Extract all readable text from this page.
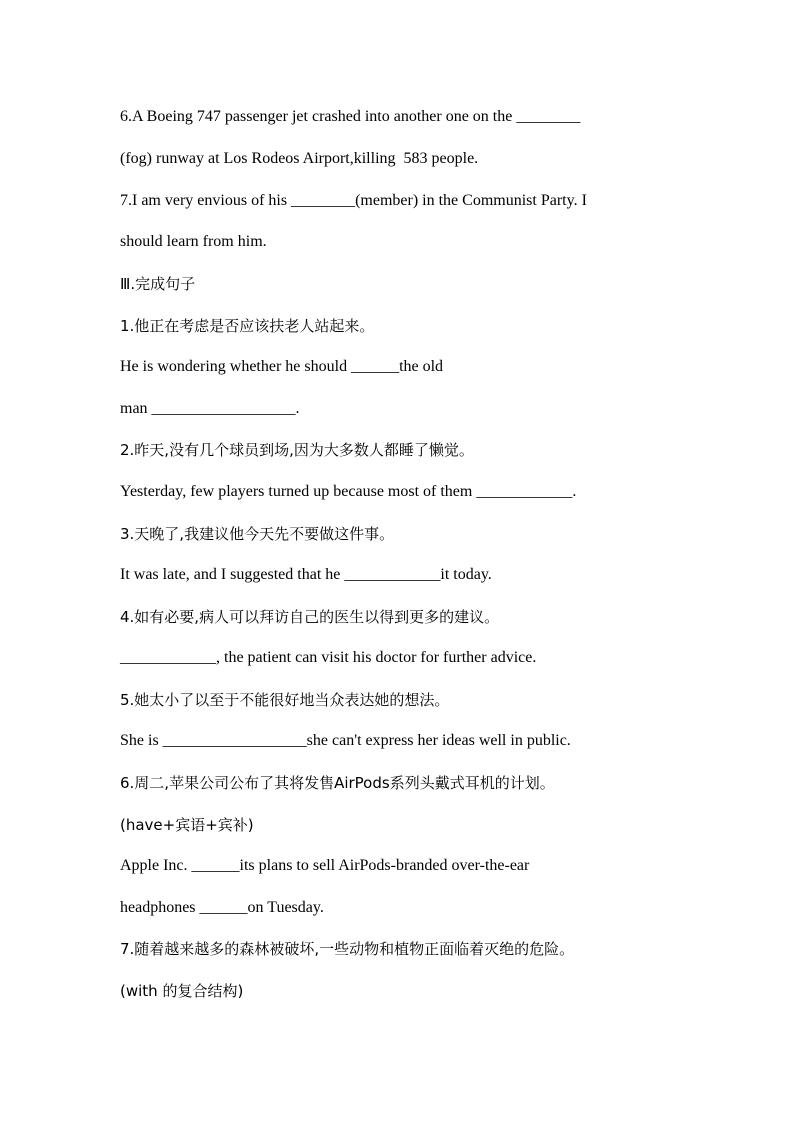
6.A Boeing 747 passenger jet crashed into another one on the ________
(fog) runway at Los Rodeos Airport,killing  583 people.
7.I am very envious of his ________(member) in the Communist Party. I
should learn from him.
Ⅲ.完成句子
1.他正在考虑是否应该扶老人站起来。
He is wondering whether he should ______the old
man __________________.
2.昨天,没有几个球员到场,因为大多数人都睡了懒觉。
Yesterday, few players turned up because most of them ____________.
3.天晚了,我建议他今天先不要做这件事。
It was late, and I suggested that he ____________it today.
4.如有必要,病人可以拜访自己的医生以得到更多的建议。
____________, the patient can visit his doctor for further advice.
5.她太小了以至于不能很好地当众表达她的想法。
She is __________________she can't express her ideas well in public.
6.周二,苹果公司公布了其将发售AirPods系列头戴式耳机的计划。
(have+宾语+宾补)
Apple Inc. ______its plans to sell AirPods-branded over-the-ear
headphones ______on Tuesday.
7.随着越来越多的森林被破坏,一些动物和植物正面临着灭绝的危险。
(with 的复合结构)
